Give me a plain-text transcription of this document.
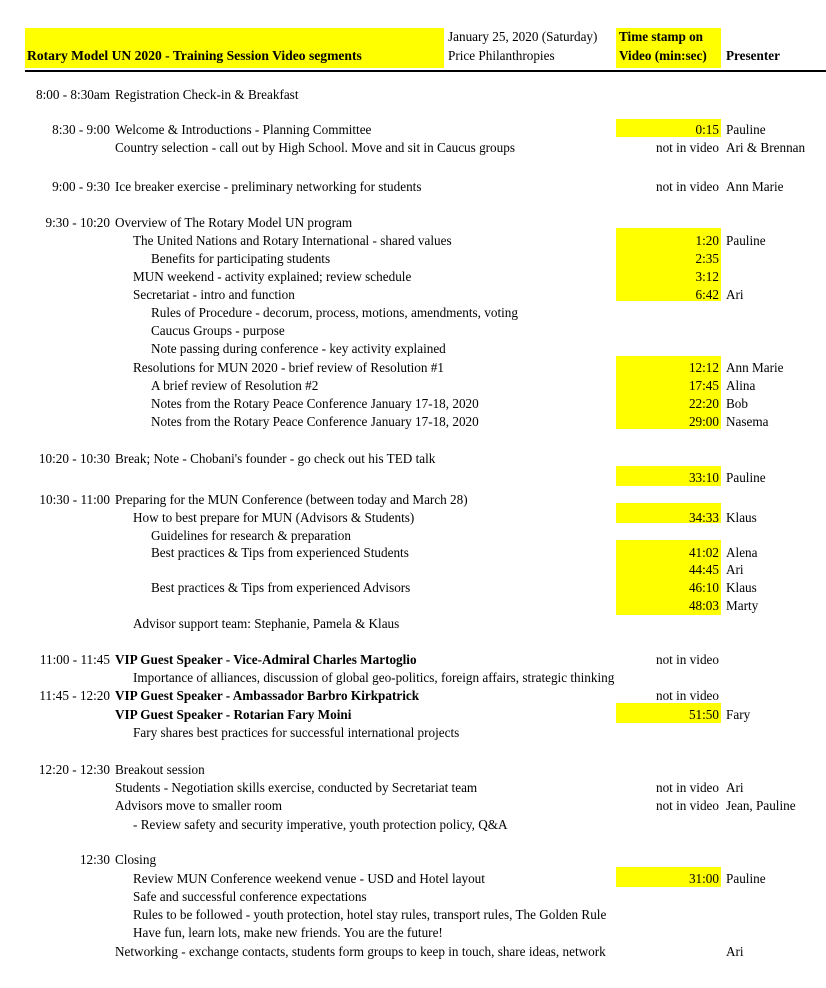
Rotary Model UN 2020 - Training Session Video segments
January 25, 2020 (Saturday)
Price Philanthropies
Time stamp on
Video (min:sec) Presenter
8:00 - 8:30am Registration Check-in & Breakfast
8:30 - 9:00 Welcome & Introductions - Planning Committee	0:15 Pauline
Country selection - call out by High School. Move and sit in Caucus groups	not in video Ari & Brennan
9:00 - 9:30 Ice breaker exercise - preliminary networking for students	not in video Ann Marie
9:30 - 10:20 Overview of The Rotary Model UN program
The United Nations and Rotary International - shared values	1:20 Pauline
Benefits for participating students	2:35
MUN weekend - activity explained; review schedule	3:12
Secretariat - intro and function	6:42 Ari
Rules of Procedure - decorum, process, motions, amendments, voting
Caucus Groups - purpose
Note passing during conference - key activity explained
Resolutions for MUN 2020 - brief review of Resolution #1	12:12 Ann Marie
A brief review of Resolution #2	17:45 Alina
Notes from the Rotary Peace Conference January 17-18, 2020	22:20 Bob
Notes from the Rotary Peace Conference January 17-18, 2020	29:00 Nasema
10:20 - 10:30 Break; Note - Chobani's founder - go check out his TED talk
33:10 Pauline
10:30 - 11:00 Preparing for the MUN Conference (between today and March 28)
How to best prepare for MUN (Advisors & Students)	34:33 Klaus
Guidelines for research & preparation
Best practices & Tips from experienced Students	41:02 Alena
44:45 Ari
Best practices & Tips from experienced Advisors	46:10 Klaus
48:03 Marty
Advisor support team: Stephanie, Pamela & Klaus
11:00 - 11:45 VIP Guest Speaker - Vice-Admiral Charles Martoglio	not in video
Importance of alliances, discussion of global geo-politics, foreign affairs, strategic thinking
11:45 - 12:20 VIP Guest Speaker - Ambassador Barbro Kirkpatrick	not in video
VIP Guest Speaker - Rotarian Fary Moini	51:50 Fary
Fary shares best practices for successful international projects
12:20 - 12:30 Breakout session
Students - Negotiation skills exercise, conducted by Secretariat team	not in video Ari
Advisors move to smaller room	not in video Jean, Pauline
- Review safety and security imperative, youth protection policy, Q&A
12:30 Closing
Review MUN Conference weekend venue - USD and Hotel layout	31:00 Pauline
Safe and successful conference expectations
Rules to be followed - youth protection, hotel stay rules, transport rules, The Golden Rule
Have fun, learn lots, make new friends. You are the future!
Networking - exchange contacts, students form groups to keep in touch, share ideas, network	Ari
